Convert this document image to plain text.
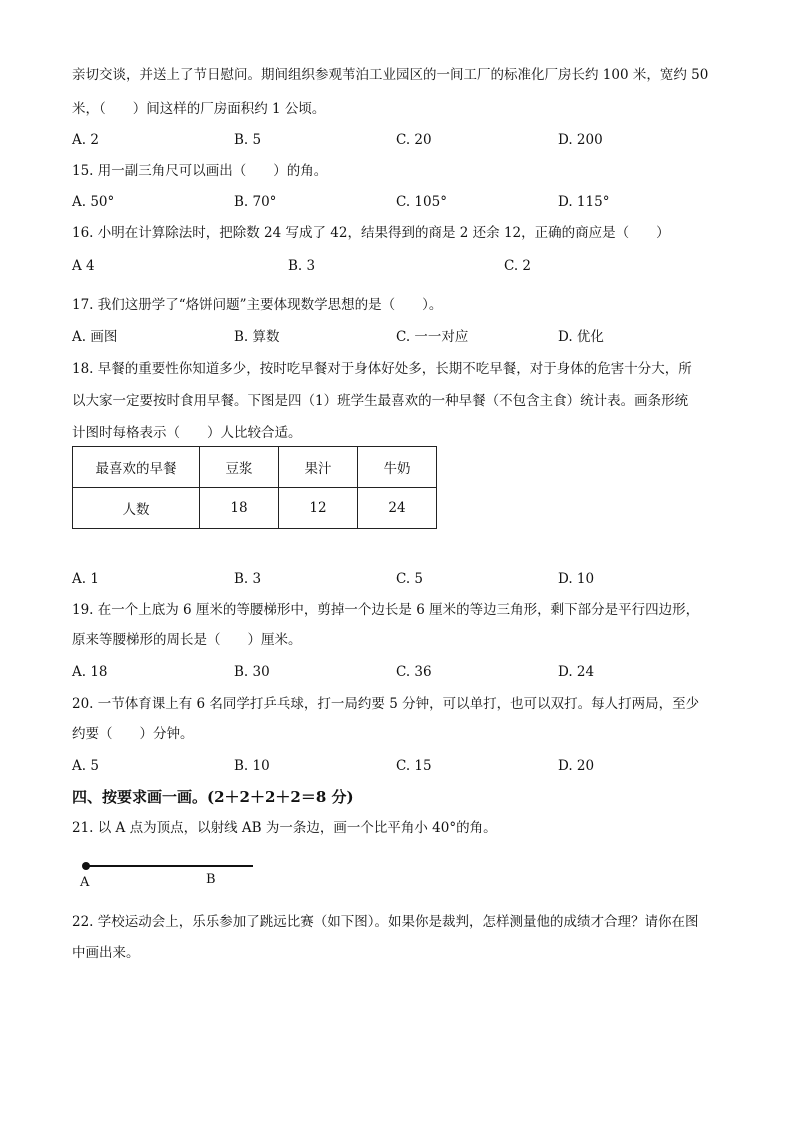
亲切交谈，并送上了节日慰问。期间组织参观苇泊工业园区的一间工厂的标准化厂房长约 100 米，宽约 50
米，（　　）间这样的厂房面积约 1 公顷。
A. 2	B. 5	C. 20	D. 200
15. 用一副三角尺可以画出（　　）的角。
A. 50°	B. 70°	C. 105°	D. 115°
16. 小明在计算除法时，把除数 24 写成了 42，结果得到的商是 2 还余 12，正确的商应是（　　）
A 4	B. 3	C. 2
17. 我们这册学了“烙饼问题”主要体现数学思想的是（　　）。
A. 画图	B. 算数	C. 一一对应	D. 优化
18. 早餐的重要性你知道多少，按时吃早餐对于身体好处多，长期不吃早餐，对于身体的危害十分大，所
以大家一定要按时食用早餐。下图是四（1）班学生最喜欢的一种早餐（不包含主食）统计表。画条形统
计图时每格表示（　　）人比较合适。
最喜欢的早餐	豆浆	果汁	牛奶
人数	18	12	24
A. 1	B. 3	C. 5	D. 10
19. 在一个上底为 6 厘米的等腰梯形中，剪掉一个边长是 6 厘米的等边三角形，剩下部分是平行四边形，
原来等腰梯形的周长是（　　）厘米。
A. 18	B. 30	C. 36	D. 24
20. 一节体育课上有 6 名同学打乒乓球，打一局约要 5 分钟，可以单打，也可以双打。每人打两局，至少
约要（　　）分钟。
A. 5	B. 10	C. 15	D. 20
四、按要求画一画。(2＋2＋2＋2＝8 分)
21. 以 A 点为顶点，以射线 AB 为一条边，画一个比平角小 40°的角。
A	B
22. 学校运动会上，乐乐参加了跳远比赛（如下图）。如果你是裁判，怎样测量他的成绩才合理？请你在图
中画出来。
